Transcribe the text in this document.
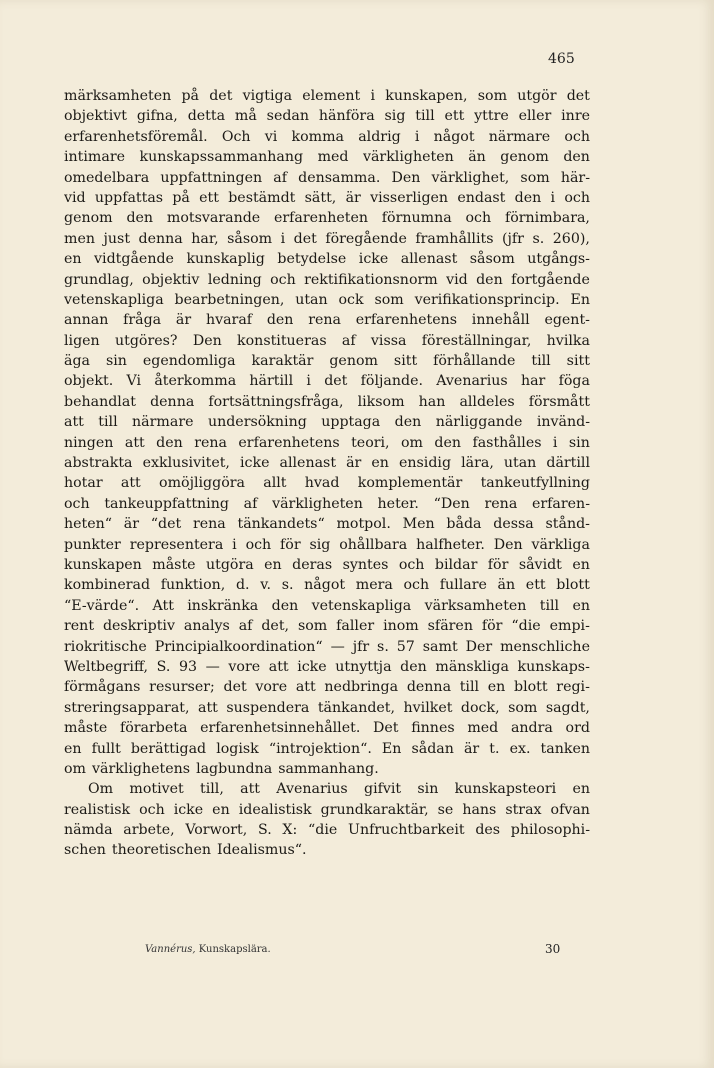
465
märksamheten på det vigtiga element i kunskapen, som utgör det
objektivt gifna, detta må sedan hänföra sig till ett yttre eller inre
erfarenhetsföremål. Och vi komma aldrig i något närmare och
intimare kunskapssammanhang med värkligheten än genom den
omedelbara uppfattningen af densamma. Den värklighet, som här-
vid uppfattas på ett bestämdt sätt, är visserligen endast den i och
genom den motsvarande erfarenheten förnumna och förnimbara,
men just denna har, såsom i det föregående framhållits (jfr s. 260),
en vidtgående kunskaplig betydelse icke allenast såsom utgångs-
grundlag, objektiv ledning och rektifikationsnorm vid den fortgående
vetenskapliga bearbetningen, utan ock som verifikationsprincip. En
annan fråga är hvaraf den rena erfarenhetens innehåll egent-
ligen utgöres? Den konstitueras af vissa föreställningar, hvilka
äga sin egendomliga karaktär genom sitt förhållande till sitt
objekt. Vi återkomma härtill i det följande. Avenarius har föga
behandlat denna fortsättningsfråga, liksom han alldeles försmått
att till närmare undersökning upptaga den närliggande invänd-
ningen att den rena erfarenhetens teori, om den fasthålles i sin
abstrakta exklusivitet, icke allenast är en ensidig lära, utan därtill
hotar att omöjliggöra allt hvad komplementär tankeutfyllning
och tankeuppfattning af värkligheten heter. “Den rena erfaren-
heten“ är “det rena tänkandets“ motpol. Men båda dessa stånd-
punkter representera i och för sig ohållbara halfheter. Den värkliga
kunskapen måste utgöra en deras syntes och bildar för såvidt en
kombinerad funktion, d. v. s. något mera och fullare än ett blott
“E-värde“. Att inskränka den vetenskapliga värksamheten till en
rent deskriptiv analys af det, som faller inom sfären för “die empi-
riokritische Principialkoordination“ — jfr s. 57 samt Der menschliche
Weltbegriff, S. 93 — vore att icke utnyttja den mänskliga kunskaps-
förmågans resurser; det vore att nedbringa denna till en blott regi-
streringsapparat, att suspendera tänkandet, hvilket dock, som sagdt,
måste förarbeta erfarenhetsinnehållet. Det finnes med andra ord
en fullt berättigad logisk “introjektion“. En sådan är t. ex. tanken
om värklighetens lagbundna sammanhang.
Om motivet till, att Avenarius gifvit sin kunskapsteori en
realistisk och icke en idealistisk grundkaraktär, se hans strax ofvan
nämda arbete, Vorwort, S. X: “die Unfruchtbarkeit des philosophi-
schen theoretischen Idealismus“.
Vannérus, Kunskapslära.	30
